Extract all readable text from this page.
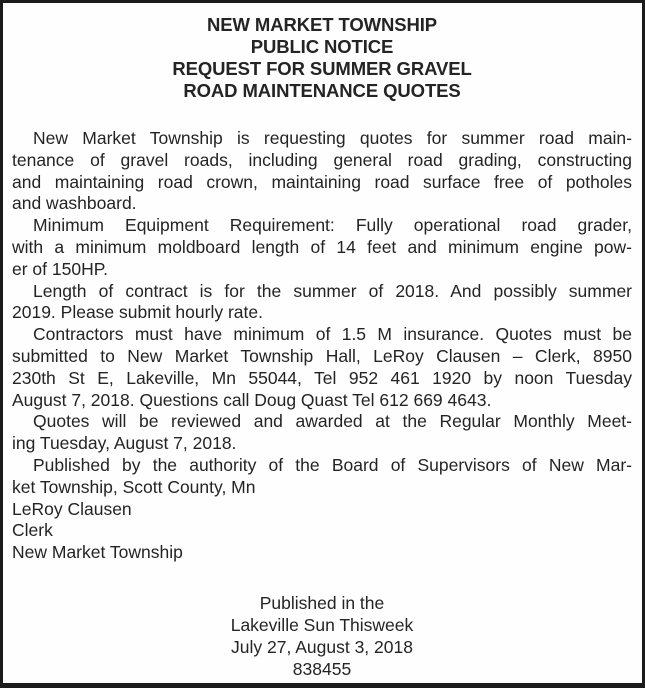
NEW MARKET TOWNSHIP
PUBLIC NOTICE
REQUEST FOR SUMMER GRAVEL
ROAD MAINTENANCE QUOTES
New Market Township is requesting quotes for summer road main-
tenance of gravel roads, including general road grading, constructing
and maintaining road crown, maintaining road surface free of potholes
and washboard.
Minimum Equipment Requirement: Fully operational road grader,
with a minimum moldboard length of 14 feet and minimum engine pow-
er of 150HP.
Length of contract is for the summer of 2018. And possibly summer
2019. Please submit hourly rate.
Contractors must have minimum of 1.5 M insurance. Quotes must be
submitted to New Market Township Hall, LeRoy Clausen – Clerk, 8950
230th St E, Lakeville, Mn 55044, Tel 952 461 1920 by noon Tuesday
August 7, 2018. Questions call Doug Quast Tel 612 669 4643.
Quotes will be reviewed and awarded at the Regular Monthly Meet-
ing Tuesday, August 7, 2018.
Published by the authority of the Board of Supervisors of New Mar-
ket Township, Scott County, Mn
LeRoy Clausen
Clerk
New Market Township
Published in the
Lakeville Sun Thisweek
July 27, August 3, 2018
838455
